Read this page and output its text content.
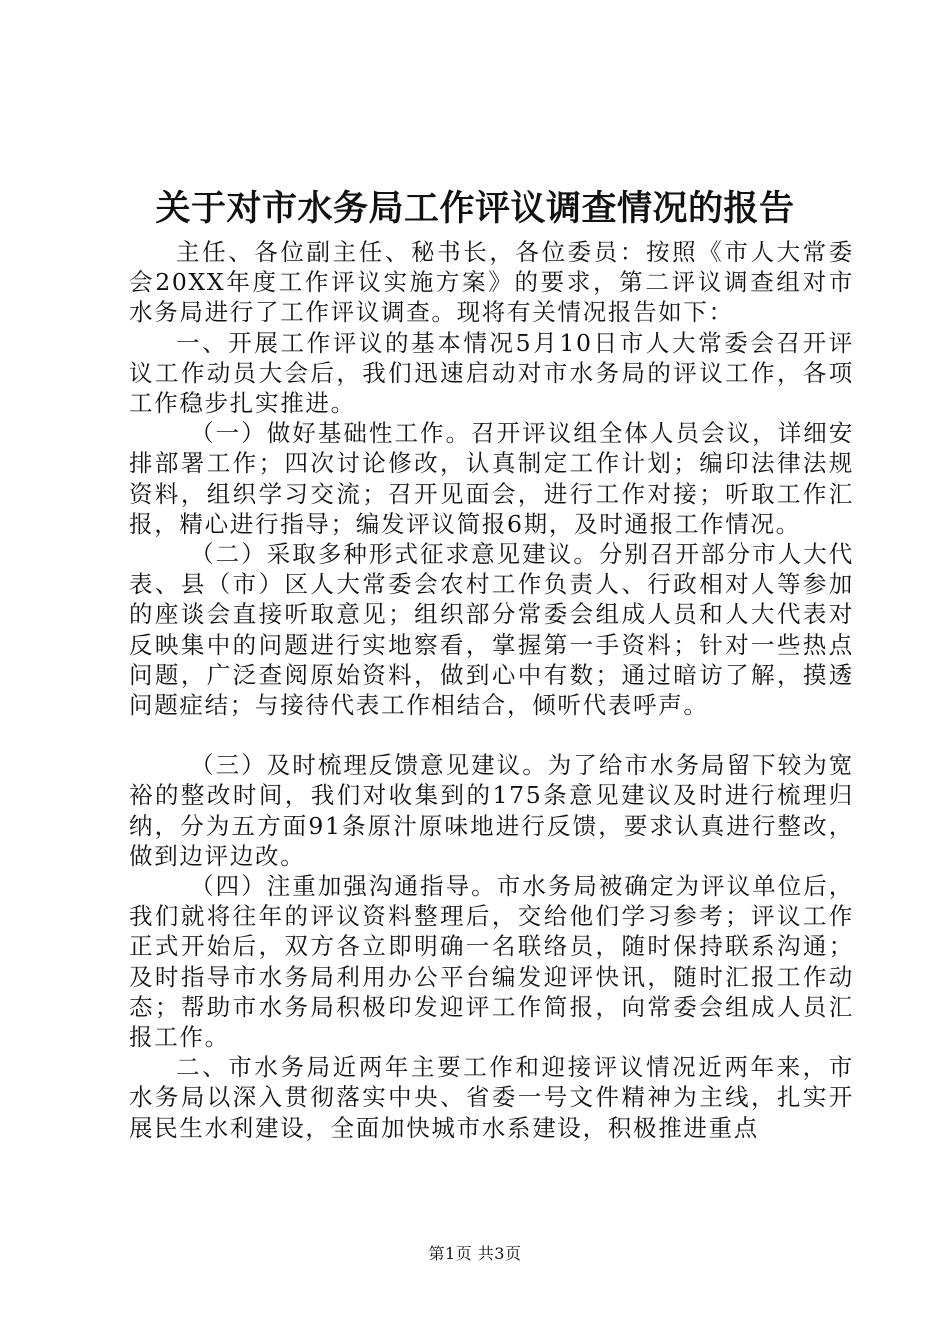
关于对市水务局工作评议调查情况的报告

主任、各位副主任、秘书长，各位委员：按照《市人大常委会20XX年度工作评议实施方案》的要求，第二评议调查组对市水务局进行了工作评议调查。现将有关情况报告如下：

一、开展工作评议的基本情况5月10日市人大常委会召开评议工作动员大会后，我们迅速启动对市水务局的评议工作，各项工作稳步扎实推进。

（一）做好基础性工作。召开评议组全体人员会议，详细安排部署工作；四次讨论修改，认真制定工作计划；编印法律法规资料，组织学习交流；召开见面会，进行工作对接；听取工作汇报，精心进行指导；编发评议简报6期，及时通报工作情况。

（二）采取多种形式征求意见建议。分别召开部分市人大代表、县（市）区人大常委会农村工作负责人、行政相对人等参加的座谈会直接听取意见；组织部分常委会组成人员和人大代表对反映集中的问题进行实地察看，掌握第一手资料；针对一些热点问题，广泛查阅原始资料，做到心中有数；通过暗访了解，摸透问题症结；与接待代表工作相结合，倾听代表呼声。

（三）及时梳理反馈意见建议。为了给市水务局留下较为宽裕的整改时间，我们对收集到的175条意见建议及时进行梳理归纳，分为五方面91条原汁原味地进行反馈，要求认真进行整改，做到边评边改。

（四）注重加强沟通指导。市水务局被确定为评议单位后，我们就将往年的评议资料整理后，交给他们学习参考；评议工作正式开始后，双方各立即明确一名联络员，随时保持联系沟通；及时指导市水务局利用办公平台编发迎评快讯，随时汇报工作动态；帮助市水务局积极印发迎评工作简报，向常委会组成人员汇报工作。

二、市水务局近两年主要工作和迎接评议情况近两年来，市水务局以深入贯彻落实中央、省委一号文件精神为主线，扎实开展民生水利建设，全面加快城市水系建设，积极推进重点

第1页 共3页
